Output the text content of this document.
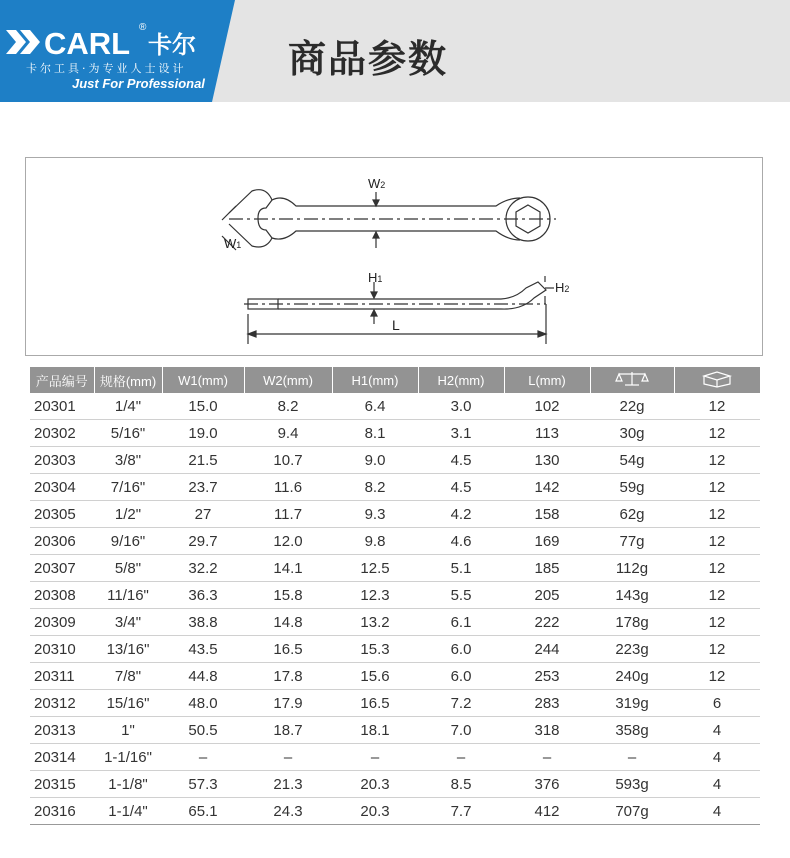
CARL ®
卡尔
卡尔工具·为专业人士设计
Just For Professional
商品参数
W2
W1
H1
H2
L
产品编号	规格(mm)	W1(mm)	W2(mm)	H1(mm)	H2(mm)	L(mm)		
20301	1/4"	15.0	8.2	6.4	3.0	102	22g	12
20302	5/16"	19.0	9.4	8.1	3.1	113	30g	12
20303	3/8"	21.5	10.7	9.0	4.5	130	54g	12
20304	7/16"	23.7	11.6	8.2	4.5	142	59g	12
20305	1/2"	27	11.7	9.3	4.2	158	62g	12
20306	9/16"	29.7	12.0	9.8	4.6	169	77g	12
20307	5/8"	32.2	14.1	12.5	5.1	185	112g	12
20308	11/16"	36.3	15.8	12.3	5.5	205	143g	12
20309	3/4"	38.8	14.8	13.2	6.1	222	178g	12
20310	13/16"	43.5	16.5	15.3	6.0	244	223g	12
20311	7/8"	44.8	17.8	15.6	6.0	253	240g	12
20312	15/16"	48.0	17.9	16.5	7.2	283	319g	6
20313	1"	50.5	18.7	18.1	7.0	318	358g	4
20314	1-1/16"	–	–	–	–	–	–	4
20315	1-1/8"	57.3	21.3	20.3	8.5	376	593g	4
20316	1-1/4"	65.1	24.3	20.3	7.7	412	707g	4
